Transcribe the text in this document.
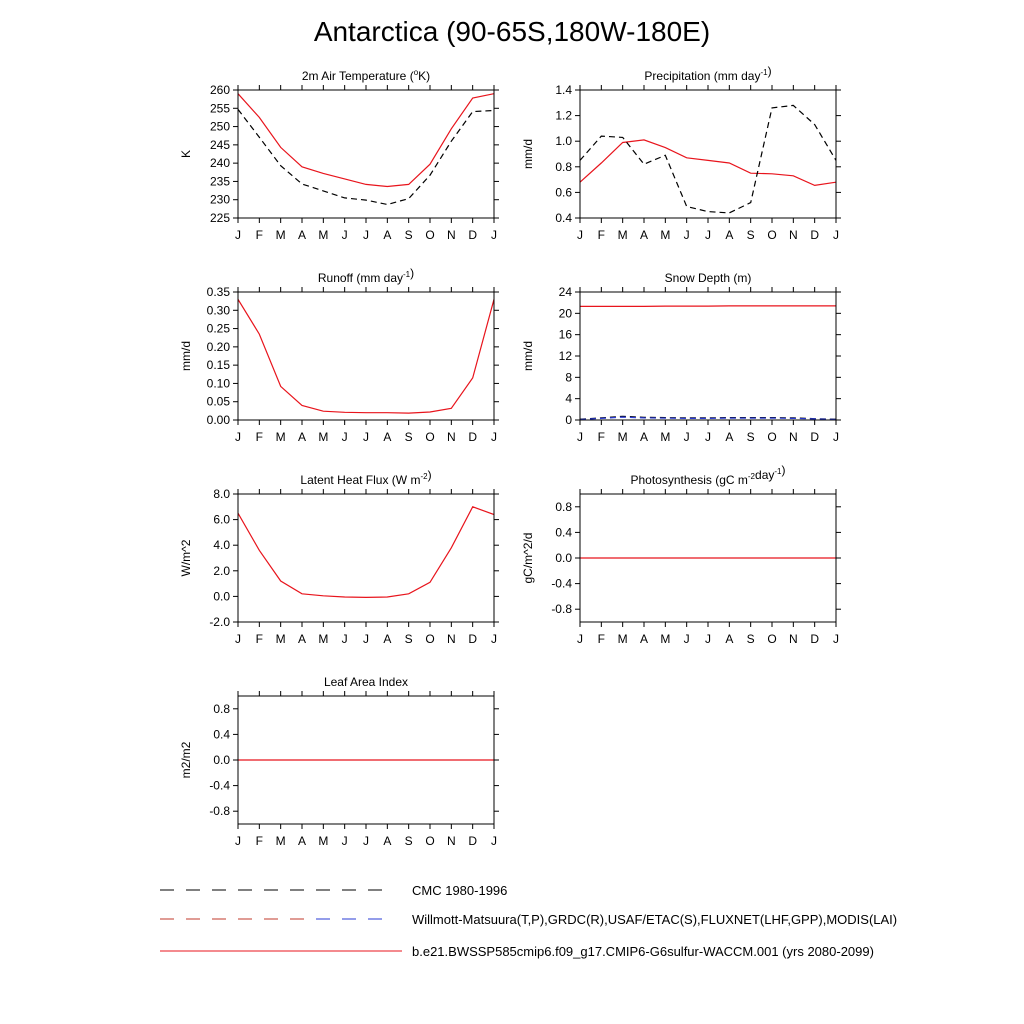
Antarctica (90-65S,180W-180E)
2m Air Temperature ($^o$K)
225
230
235
240
245
250
255
260
J F M A M J J A S O N D J
K
Precipitation (mm day$^{-1}$)
0.4
0.6
0.8
1.0
1.2
1.4
J F M A M J J A S O N D J
mm/d
Runoff (mm day$^{-1}$)
0.00
0.05
0.10
0.15
0.20
0.25
0.30
0.35
J F M A M J J A S O N D J
mm/d
Snow Depth (m)
0
4
8
12
16
20
24
J F M A M J J A S O N D J
mm/d
Latent Heat Flux (W $m^{-2}$)
-2.0
0.0
2.0
4.0
6.0
8.0
J F M A M J J A S O N D J
W/m^2
Photosynthesis (gC $m^{-2}day^{-1}$)
-0.8
-0.4
0.0
0.4
0.8
J F M A M J J A S O N D J
gC/m^2/d
Leaf Area Index
-0.8
-0.4
0.0
0.4
0.8
J F M A M J J A S O N D J
m2/m2
CMC 1980-1996
Willmott-Matsuura(T,P),GRDC(R),USAF/ETAC(S),FLUXNET(LHF,GPP),MODIS(LAI)
b.e21.BWSSP585cmip6.f09_g17.CMIP6-G6sulfur-WACCM.001 (yrs 2080-2099)
